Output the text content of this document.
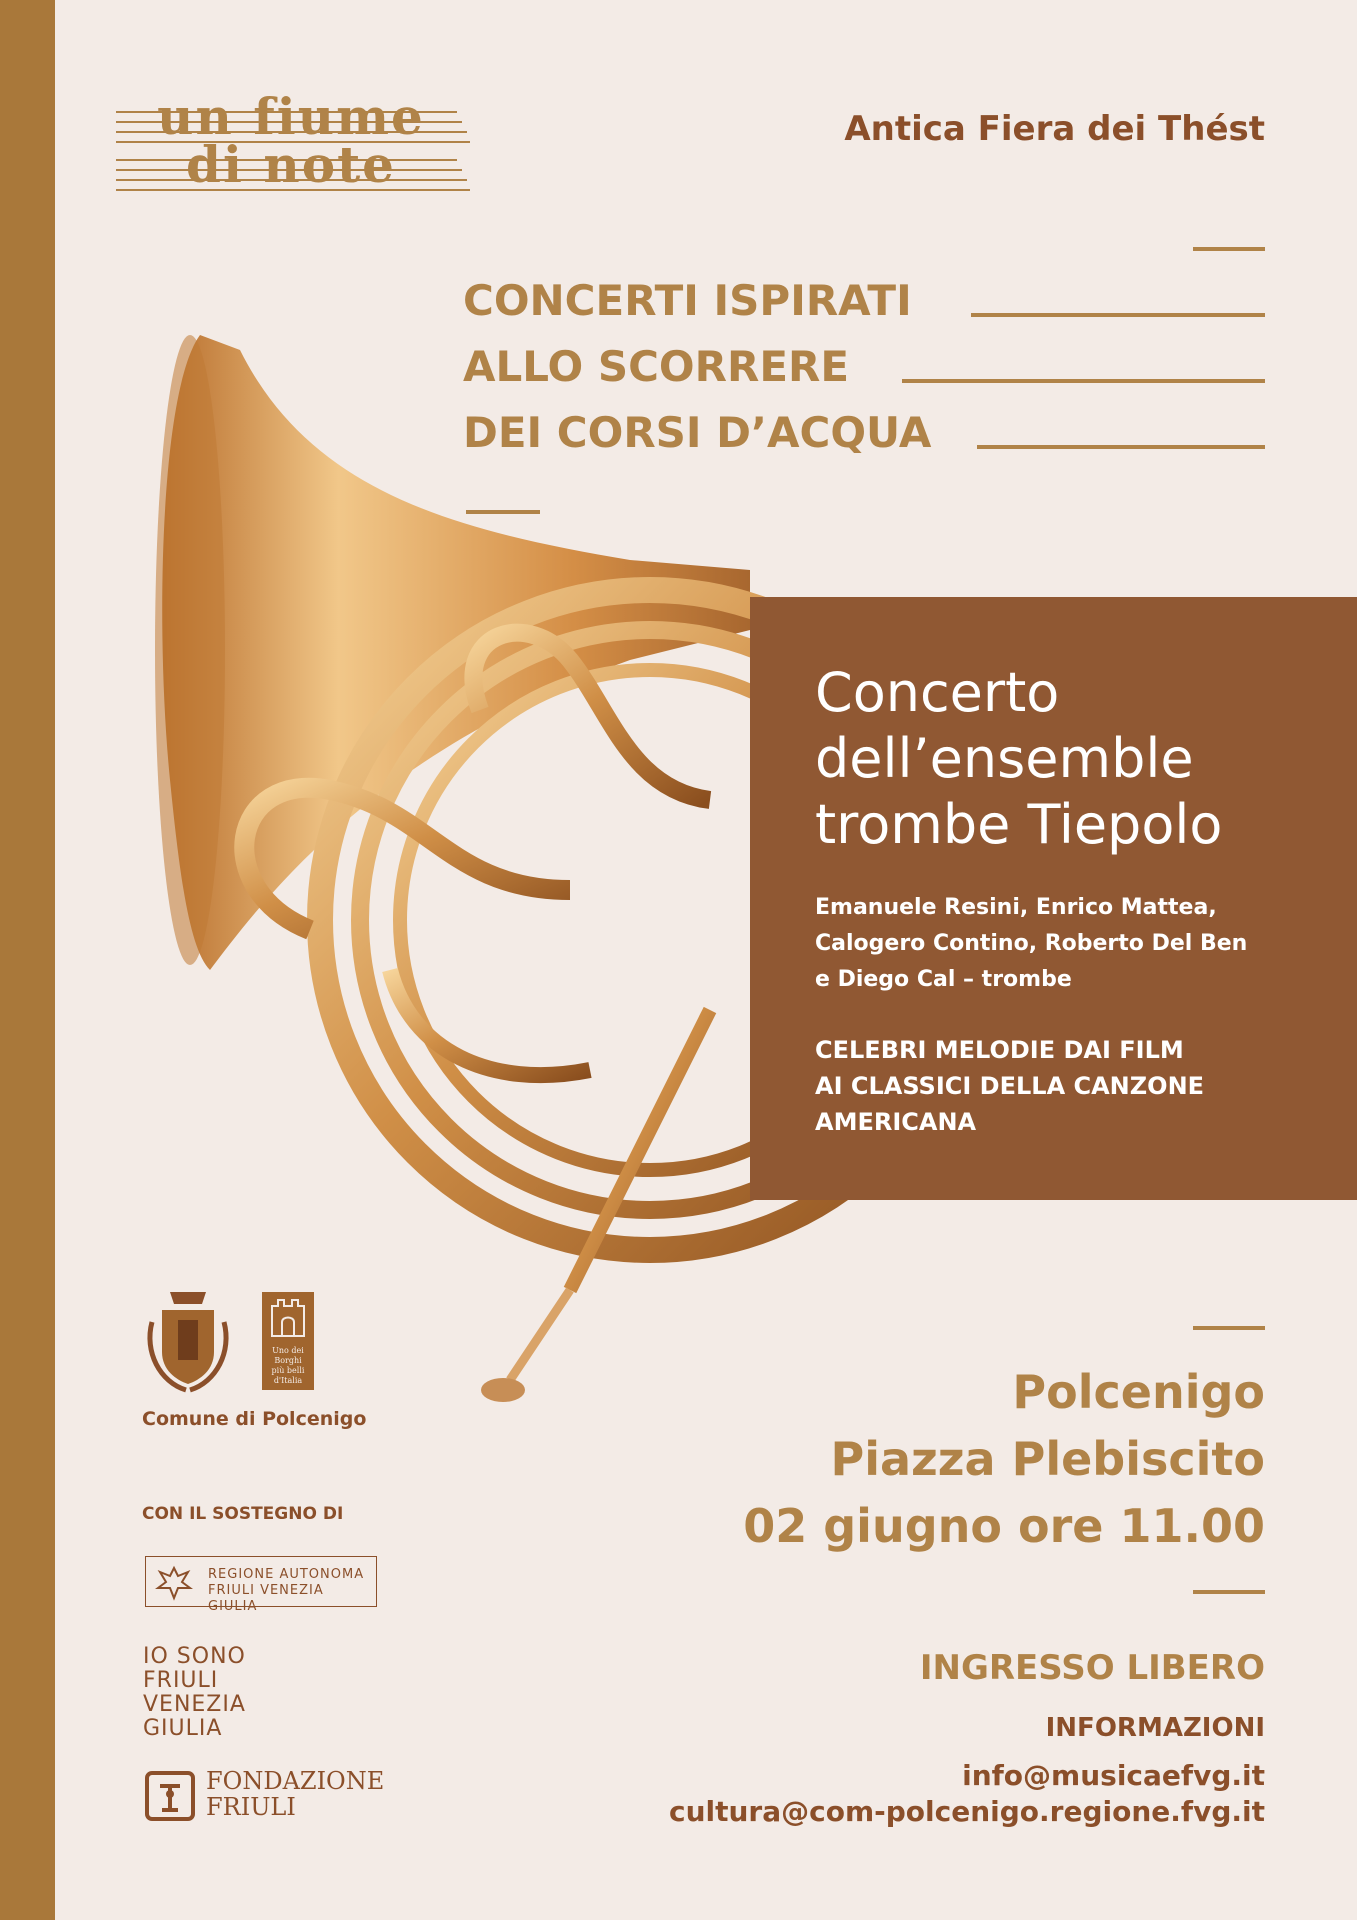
un fiume
di note
Antica Fiera dei Thést
CONCERTI ISPIRATI
ALLO SCORRERE
DEI CORSI D’ACQUA
Concerto
dell’ensemble
trombe Tiepolo
Emanuele Resini, Enrico Mattea,
Calogero Contino, Roberto Del Ben
e Diego Cal – trombe
CELEBRI MELODIE DAI FILM
AI CLASSICI DELLA CANZONE
AMERICANA
Polcenigo
Piazza Plebiscito
02 giugno ore 11.00
INGRESSO LIBERO
INFORMAZIONI
info@musicaefvg.it
cultura@com-polcenigo.regione.fvg.it
Uno dei
Borghi
più belli
d'Italia
Comune di Polcenigo
CON IL SOSTEGNO DI
REGIONE AUTONOMA
FRIULI VENEZIA GIULIA
IO SONO
FRIULI
VENEZIA
GIULIA
FONDAZIONE
FRIULI
